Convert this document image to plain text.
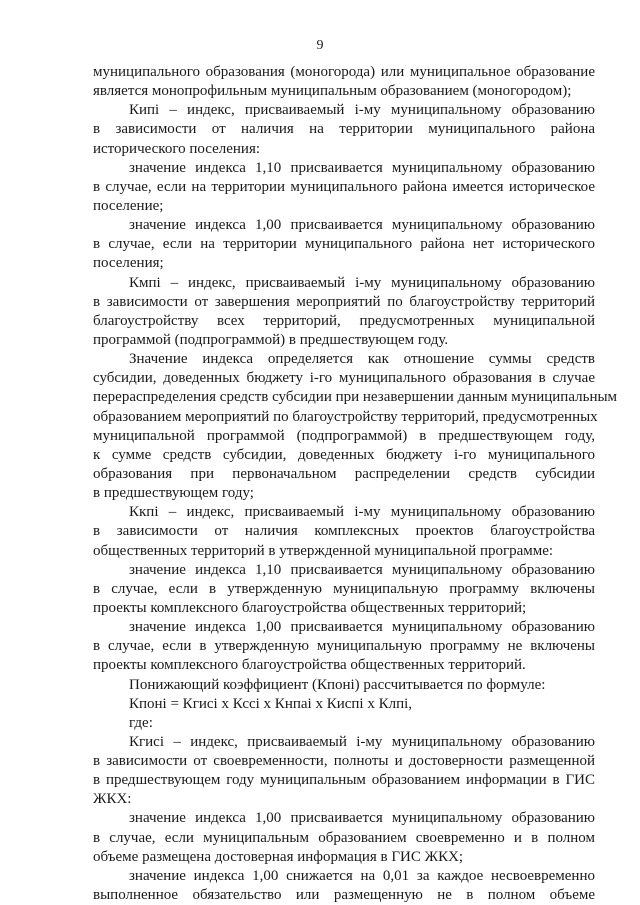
9
муниципального образования (моногорода) или муниципальное образование
является монопрофильным муниципальным образованием (моногородом);
Кипi – индекс, присваиваемый i-му муниципальному образованию
в зависимости от наличия на территории муниципального района
исторического поселения:
значение индекса 1,10 присваивается муниципальному образованию
в случае, если на территории муниципального района имеется историческое
поселение;
значение индекса 1,00 присваивается муниципальному образованию
в случае, если на территории муниципального района нет исторического
поселения;
Кмпi – индекс, присваиваемый i-му муниципальному образованию
в зависимости от завершения мероприятий по благоустройству территорий
благоустройству всех территорий, предусмотренных муниципальной
программой (подпрограммой) в предшествующем году.
Значение индекса определяется как отношение суммы средств
субсидии, доведенных бюджету i-го муниципального образования в случае
перераспределения средств субсидии при незавершении данным муниципальным
образованием мероприятий по благоустройству территорий, предусмотренных
муниципальной программой (подпрограммой) в предшествующем году,
к сумме средств субсидии, доведенных бюджету i-го муниципального
образования при первоначальном распределении средств субсидии
в предшествующем году;
Ккпi – индекс, присваиваемый i-му муниципальному образованию
в зависимости от наличия комплексных проектов благоустройства
общественных территорий в утвержденной муниципальной программе:
значение индекса 1,10 присваивается муниципальному образованию
в случае, если в утвержденную муниципальную программу включены
проекты комплексного благоустройства общественных территорий;
значение индекса 1,00 присваивается муниципальному образованию
в случае, если в утвержденную муниципальную программу не включены
проекты комплексного благоустройства общественных территорий.
Понижающий коэффициент (Кпонi) рассчитывается по формуле:
Кпонi = Кгисi х Кссi х Кнпаi х Киспi х Клпi,
где:
Кгисi – индекс, присваиваемый i-му муниципальному образованию
в зависимости от своевременности, полноты и достоверности размещенной
в предшествующем году муниципальным образованием информации в ГИС
ЖКХ:
значение индекса 1,00 присваивается муниципальному образованию
в случае, если муниципальным образованием своевременно и в полном
объеме размещена достоверная информация в ГИС ЖКХ;
значение индекса 1,00 снижается на 0,01 за каждое несвоевременно
выполненное обязательство или размещенную не в полном объеме
